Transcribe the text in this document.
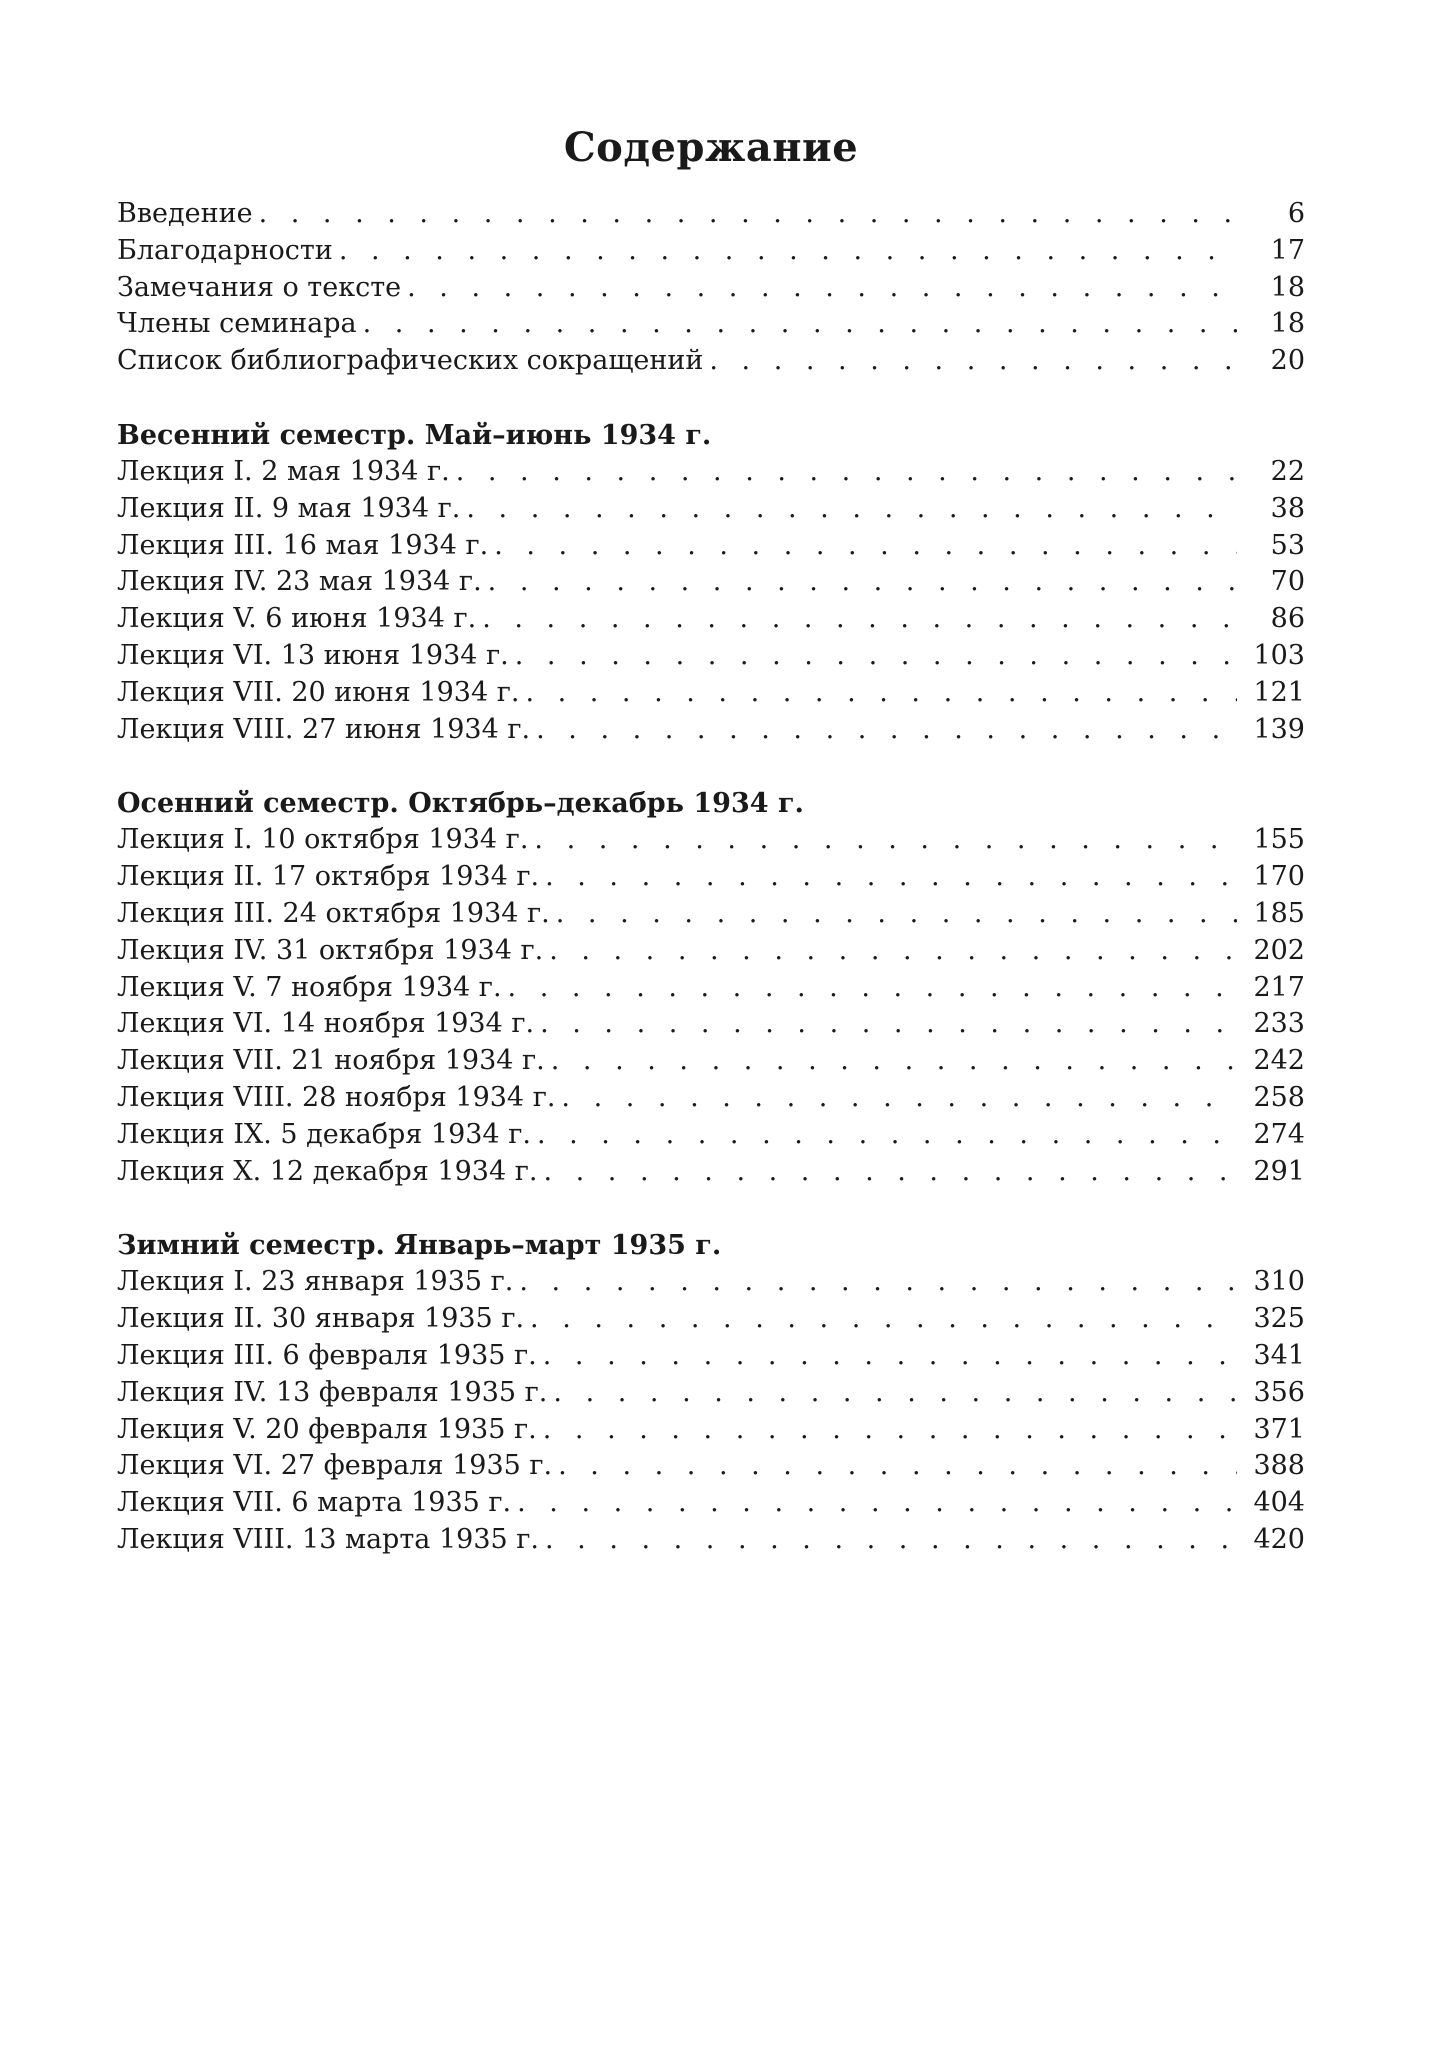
Содержание
Введение . . .	6
Благодарности . . .	17
Замечания о тексте . . .	18
Члены семинара . . .	18
Список библиографических сокращений . . .	20
Весенний семестр. Май–июнь 1934 г.
Лекция I. 2 мая 1934 г. . . .	22
Лекция II. 9 мая 1934 г. . . .	38
Лекция III. 16 мая 1934 г. . . .	53
Лекция IV. 23 мая 1934 г. . . .	70
Лекция V. 6 июня 1934 г. . . .	86
Лекция VI. 13 июня 1934 г. . . .	103
Лекция VII. 20 июня 1934 г. . . .	121
Лекция VIII. 27 июня 1934 г. . . .	139
Осенний семестр. Октябрь–декабрь 1934 г.
Лекция I. 10 октября 1934 г. . . .	155
Лекция II. 17 октября 1934 г. . . .	170
Лекция III. 24 октября 1934 г. . . .	185
Лекция IV. 31 октября 1934 г. . . .	202
Лекция V. 7 ноября 1934 г. . . .	217
Лекция VI. 14 ноября 1934 г. . . .	233
Лекция VII. 21 ноября 1934 г. . . .	242
Лекция VIII. 28 ноября 1934 г. . . .	258
Лекция IX. 5 декабря 1934 г. . . .	274
Лекция X. 12 декабря 1934 г. . . .	291
Зимний семестр. Январь–март 1935 г.
Лекция I. 23 января 1935 г. . . .	310
Лекция II. 30 января 1935 г. . . .	325
Лекция III. 6 февраля 1935 г. . . .	341
Лекция IV. 13 февраля 1935 г. . . .	356
Лекция V. 20 февраля 1935 г. . . .	371
Лекция VI. 27 февраля 1935 г. . . .	388
Лекция VII. 6 марта 1935 г. . . .	404
Лекция VIII. 13 марта 1935 г. . . .	420
